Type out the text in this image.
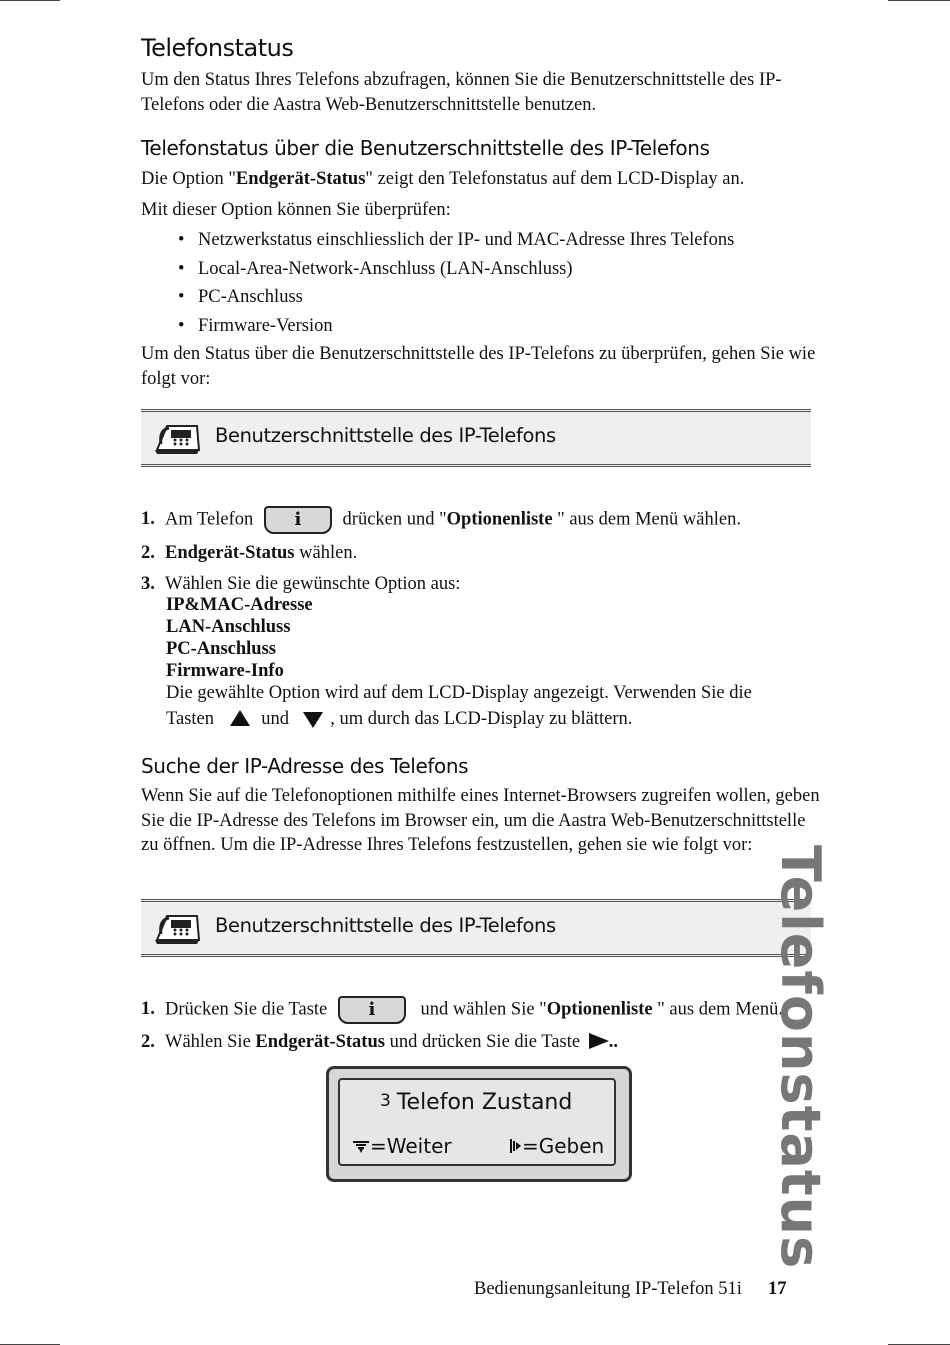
Telefonstatus

Um den Status Ihres Telefons abzufragen, können Sie die Benutzerschnittstelle des IP-Telefons oder die Aastra Web-Benutzerschnittstelle benutzen.

Telefonstatus über die Benutzerschnittstelle des IP-Telefons

Die Option "Endgerät-Status" zeigt den Telefonstatus auf dem LCD-Display an.

Mit dieser Option können Sie überprüfen:

• Netzwerkstatus einschliesslich der IP- und MAC-Adresse Ihres Telefons
• Local-Area-Network-Anschluss (LAN-Anschluss)
• PC-Anschluss
• Firmware-Version

Um den Status über die Benutzerschnittstelle des IP-Telefons zu überprüfen, gehen Sie wie folgt vor:

Benutzerschnittstelle des IP-Telefons
1. Am Telefon	i	drücken und "Optionenliste " aus dem Menü wählen.
2. Endgerät-Status wählen.
3. Wählen Sie die gewünschte Option aus:
IP&MAC-Adresse
LAN-Anschluss
PC-Anschluss
Firmware-Info
Die gewählte Option wird auf dem LCD-Display angezeigt. Verwenden Sie die
Tasten	und , um durch das LCD-Display zu blättern.
Suche der IP-Adresse des Telefons

Wenn Sie auf die Telefonoptionen mithilfe eines Internet-Browsers zugreifen wollen, geben Sie die IP-Adresse des Telefons im Browser ein, um die Aastra Web-Benutzerschnittstelle zu öffnen. Um die IP-Adresse Ihres Telefons festzustellen, gehen sie wie folgt vor:

Benutzerschnittstelle des IP-Telefons
1. Drücken Sie die Taste	i	und wählen Sie "Optionenliste " aus dem Menü.
2. Wählen Sie Endgerät-Status und drücken Sie die Taste ..
3 Telefon Zustand
=Weiter	=Geben	Telefonstatus
Bedienungsanleitung IP-Telefon 51i 17
